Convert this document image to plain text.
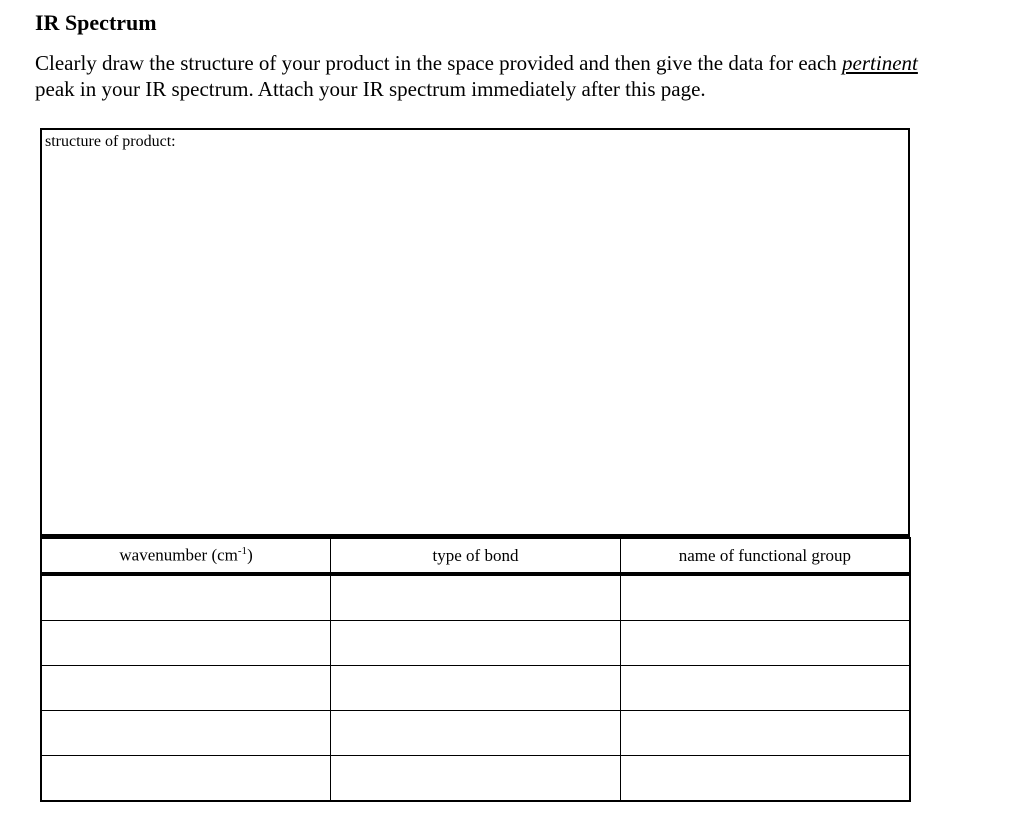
IR Spectrum

Clearly draw the structure of your product in the space provided and then give the data for each pertinent peak in your IR spectrum. Attach your IR spectrum immediately after this page.

structure of product:
wavenumber $(cm^{-1})$	type of bond	name of functional group
